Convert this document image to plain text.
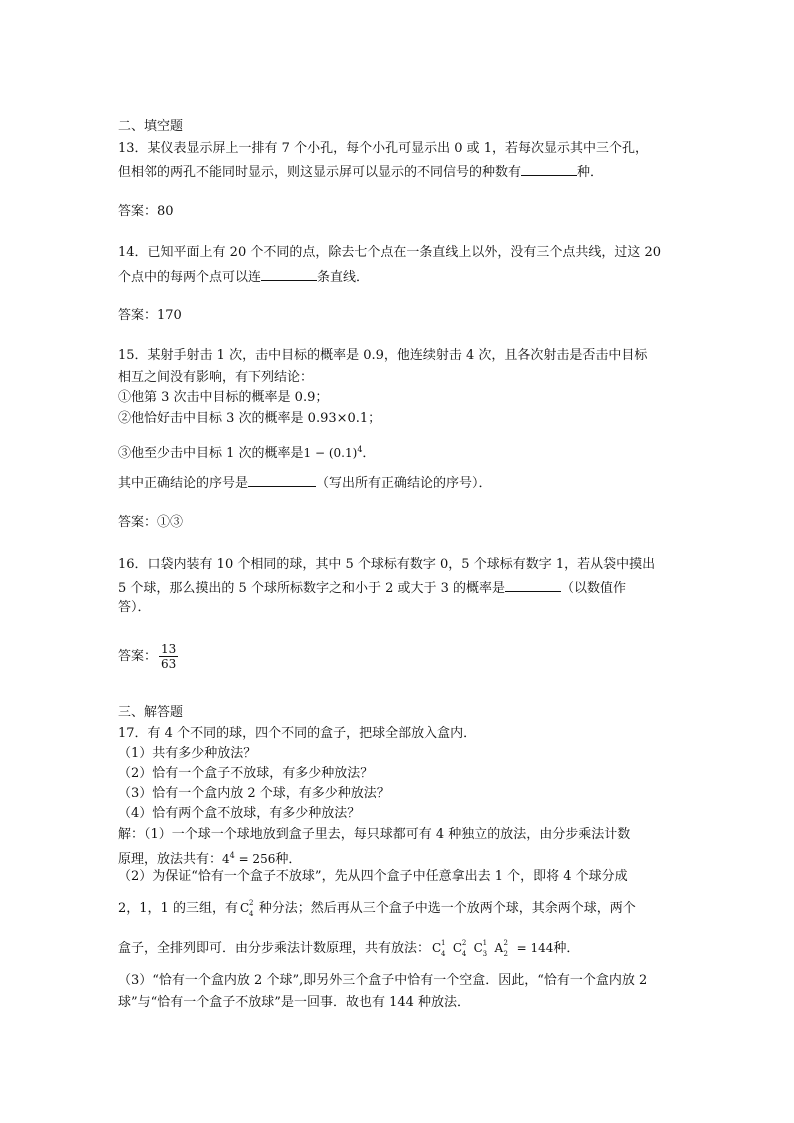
二、填空题
13．某仪表显示屏上一排有 7 个小孔，每个小孔可显示出 0 或 1，若每次显示其中三个孔，
但相邻的两孔不能同时显示，则这显示屏可以显示的不同信号的种数有	种．
答案：80
14．已知平面上有 20 个不同的点，除去七个点在一条直线上以外，没有三个点共线，过这 20
个点中的每两个点可以连	条直线．
答案：170
15．某射手射击 1 次，击中目标的概率是 0.9，他连续射击 4 次，且各次射击是否击中目标
相互之间没有影响，有下列结论：
①他第 3 次击中目标的概率是 0.9；
②他恰好击中目标 3 次的概率是 0.93×0.1；
③他至少击中目标 1 次的概率是$1 - (0.1)^4$．
其中正确结论的序号是	（写出所有正确结论的序号）．
答案：①③
16．口袋内装有 10 个相同的球，其中 5 个球标有数字 0，5 个球标有数字 1，若从袋中摸出
5 个球，那么摸出的 5 个球所标数字之和小于 2 或大于 3 的概率是	（以数值作
答）．
答案： $\frac{13}{63}$
三、解答题
17．有 4 个不同的球，四个不同的盒子，把球全部放入盒内．
（1）共有多少种放法？
（2）恰有一个盒子不放球，有多少种放法？
（3）恰有一个盒内放 2 个球，有多少种放法？
（4）恰有两个盒不放球，有多少种放法？
解：（1）一个球一个球地放到盒子里去，每只球都可有 4 种独立的放法，由分步乘法计数
原理，放法共有：$4^4 = 256$种．
（2）为保证“恰有一个盒子不放球”，先从四个盒子中任意拿出去 1 个，即将 4 个球分成
2，1，1 的三组，有 C 2
4 种分法；然后再从三个盒子中选一个放两个球，其余两个球，两个
盒子，全排列即可．由分步乘法计数原理，共有放法： C 1
4 C 2
4 C 1
3 A 2
2 = 144种．
（3）“恰有一个盒内放 2 个球”,即另外三个盒子中恰有一个空盒．因此，“恰有一个盒内放 2
球”与“恰有一个盒子不放球”是一回事．故也有 144 种放法．
